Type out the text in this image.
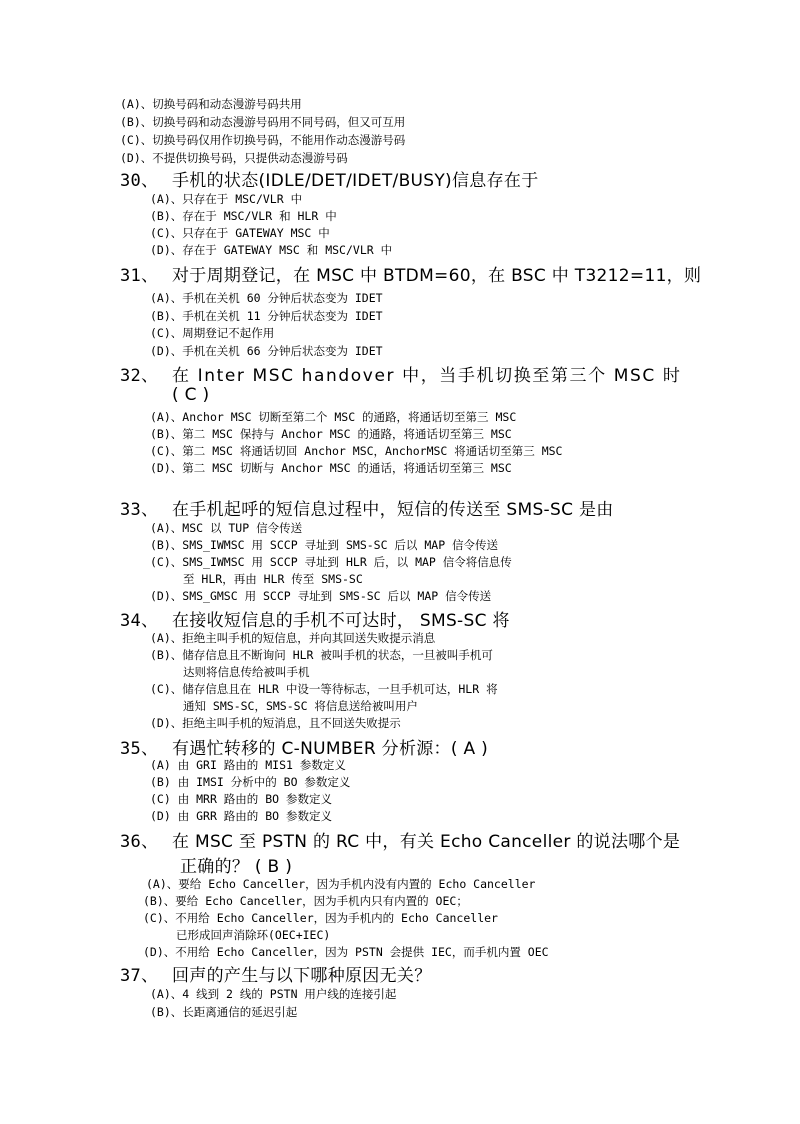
(A)、切换号码和动态漫游号码共用
(B)、切换号码和动态漫游号码用不同号码，但又可互用
(C)、切换号码仅用作切换号码，不能用作动态漫游号码
(D)、不提供切换号码，只提供动态漫游号码
30、 手机的状态(IDLE/DET/IDET/BUSY)信息存在于
(A)、只存在于 MSC/VLR 中
(B)、存在于 MSC/VLR 和 HLR 中
(C)、只存在于 GATEWAY MSC 中
(D)、存在于 GATEWAY MSC 和 MSC/VLR 中
31、 对于周期登记，在 MSC 中 BTDM=60，在 BSC 中 T3212=11，则
(A)、手机在关机 60 分钟后状态变为 IDET
(B)、手机在关机 11 分钟后状态变为 IDET
(C)、周期登记不起作用
(D)、手机在关机 66 分钟后状态变为 IDET
32、 在 Inter MSC handover 中，当手机切换至第三个 MSC 时
( C )
(A)、Anchor MSC 切断至第二个 MSC 的通路，将通话切至第三 MSC
(B)、第二 MSC 保持与 Anchor MSC 的通路，将通话切至第三 MSC
(C)、第二 MSC 将通话切回 Anchor MSC，AnchorMSC 将通话切至第三 MSC
(D)、第二 MSC 切断与 Anchor MSC 的通话，将通话切至第三 MSC
33、 在手机起呼的短信息过程中，短信的传送至 SMS-SC 是由
(A)、MSC 以 TUP 信令传送
(B)、SMS_IWMSC 用 SCCP 寻址到 SMS-SC 后以 MAP 信令传送
(C)、SMS_IWMSC 用 SCCP 寻址到 HLR 后，以 MAP 信令将信息传
至 HLR，再由 HLR 传至 SMS-SC
(D)、SMS_GMSC 用 SCCP 寻址到 SMS-SC 后以 MAP 信令传送
34、 在接收短信息的手机不可达时， SMS-SC 将
(A)、拒绝主叫手机的短信息，并向其回送失败提示消息
(B)、储存信息且不断询问 HLR 被叫手机的状态，一旦被叫手机可
达则将信息传给被叫手机
(C)、储存信息且在 HLR 中设一等待标志，一旦手机可达，HLR 将
通知 SMS-SC，SMS-SC 将信息送给被叫用户
(D)、拒绝主叫手机的短消息，且不回送失败提示
35、 有遇忙转移的 C-NUMBER 分析源：( A )
(A) 由 GRI 路由的 MIS1 参数定义
(B) 由 IMSI 分析中的 BO 参数定义
(C) 由 MRR 路由的 BO 参数定义
(D) 由 GRR 路由的 BO 参数定义
36、 在 MSC 至 PSTN 的 RC 中，有关 Echo Canceller 的说法哪个是
正确的？ ( B )
(A)、要给 Echo Canceller，因为手机内没有内置的 Echo Canceller
(B)、要给 Echo Canceller，因为手机内只有内置的 OEC；
(C)、不用给 Echo Canceller，因为手机内的 Echo Canceller
已形成回声消除环(OEC+IEC)
(D)、不用给 Echo Canceller，因为 PSTN 会提供 IEC，而手机内置 OEC
37、 回声的产生与以下哪种原因无关？
(A)、4 线到 2 线的 PSTN 用户线的连接引起
(B)、长距离通信的延迟引起
